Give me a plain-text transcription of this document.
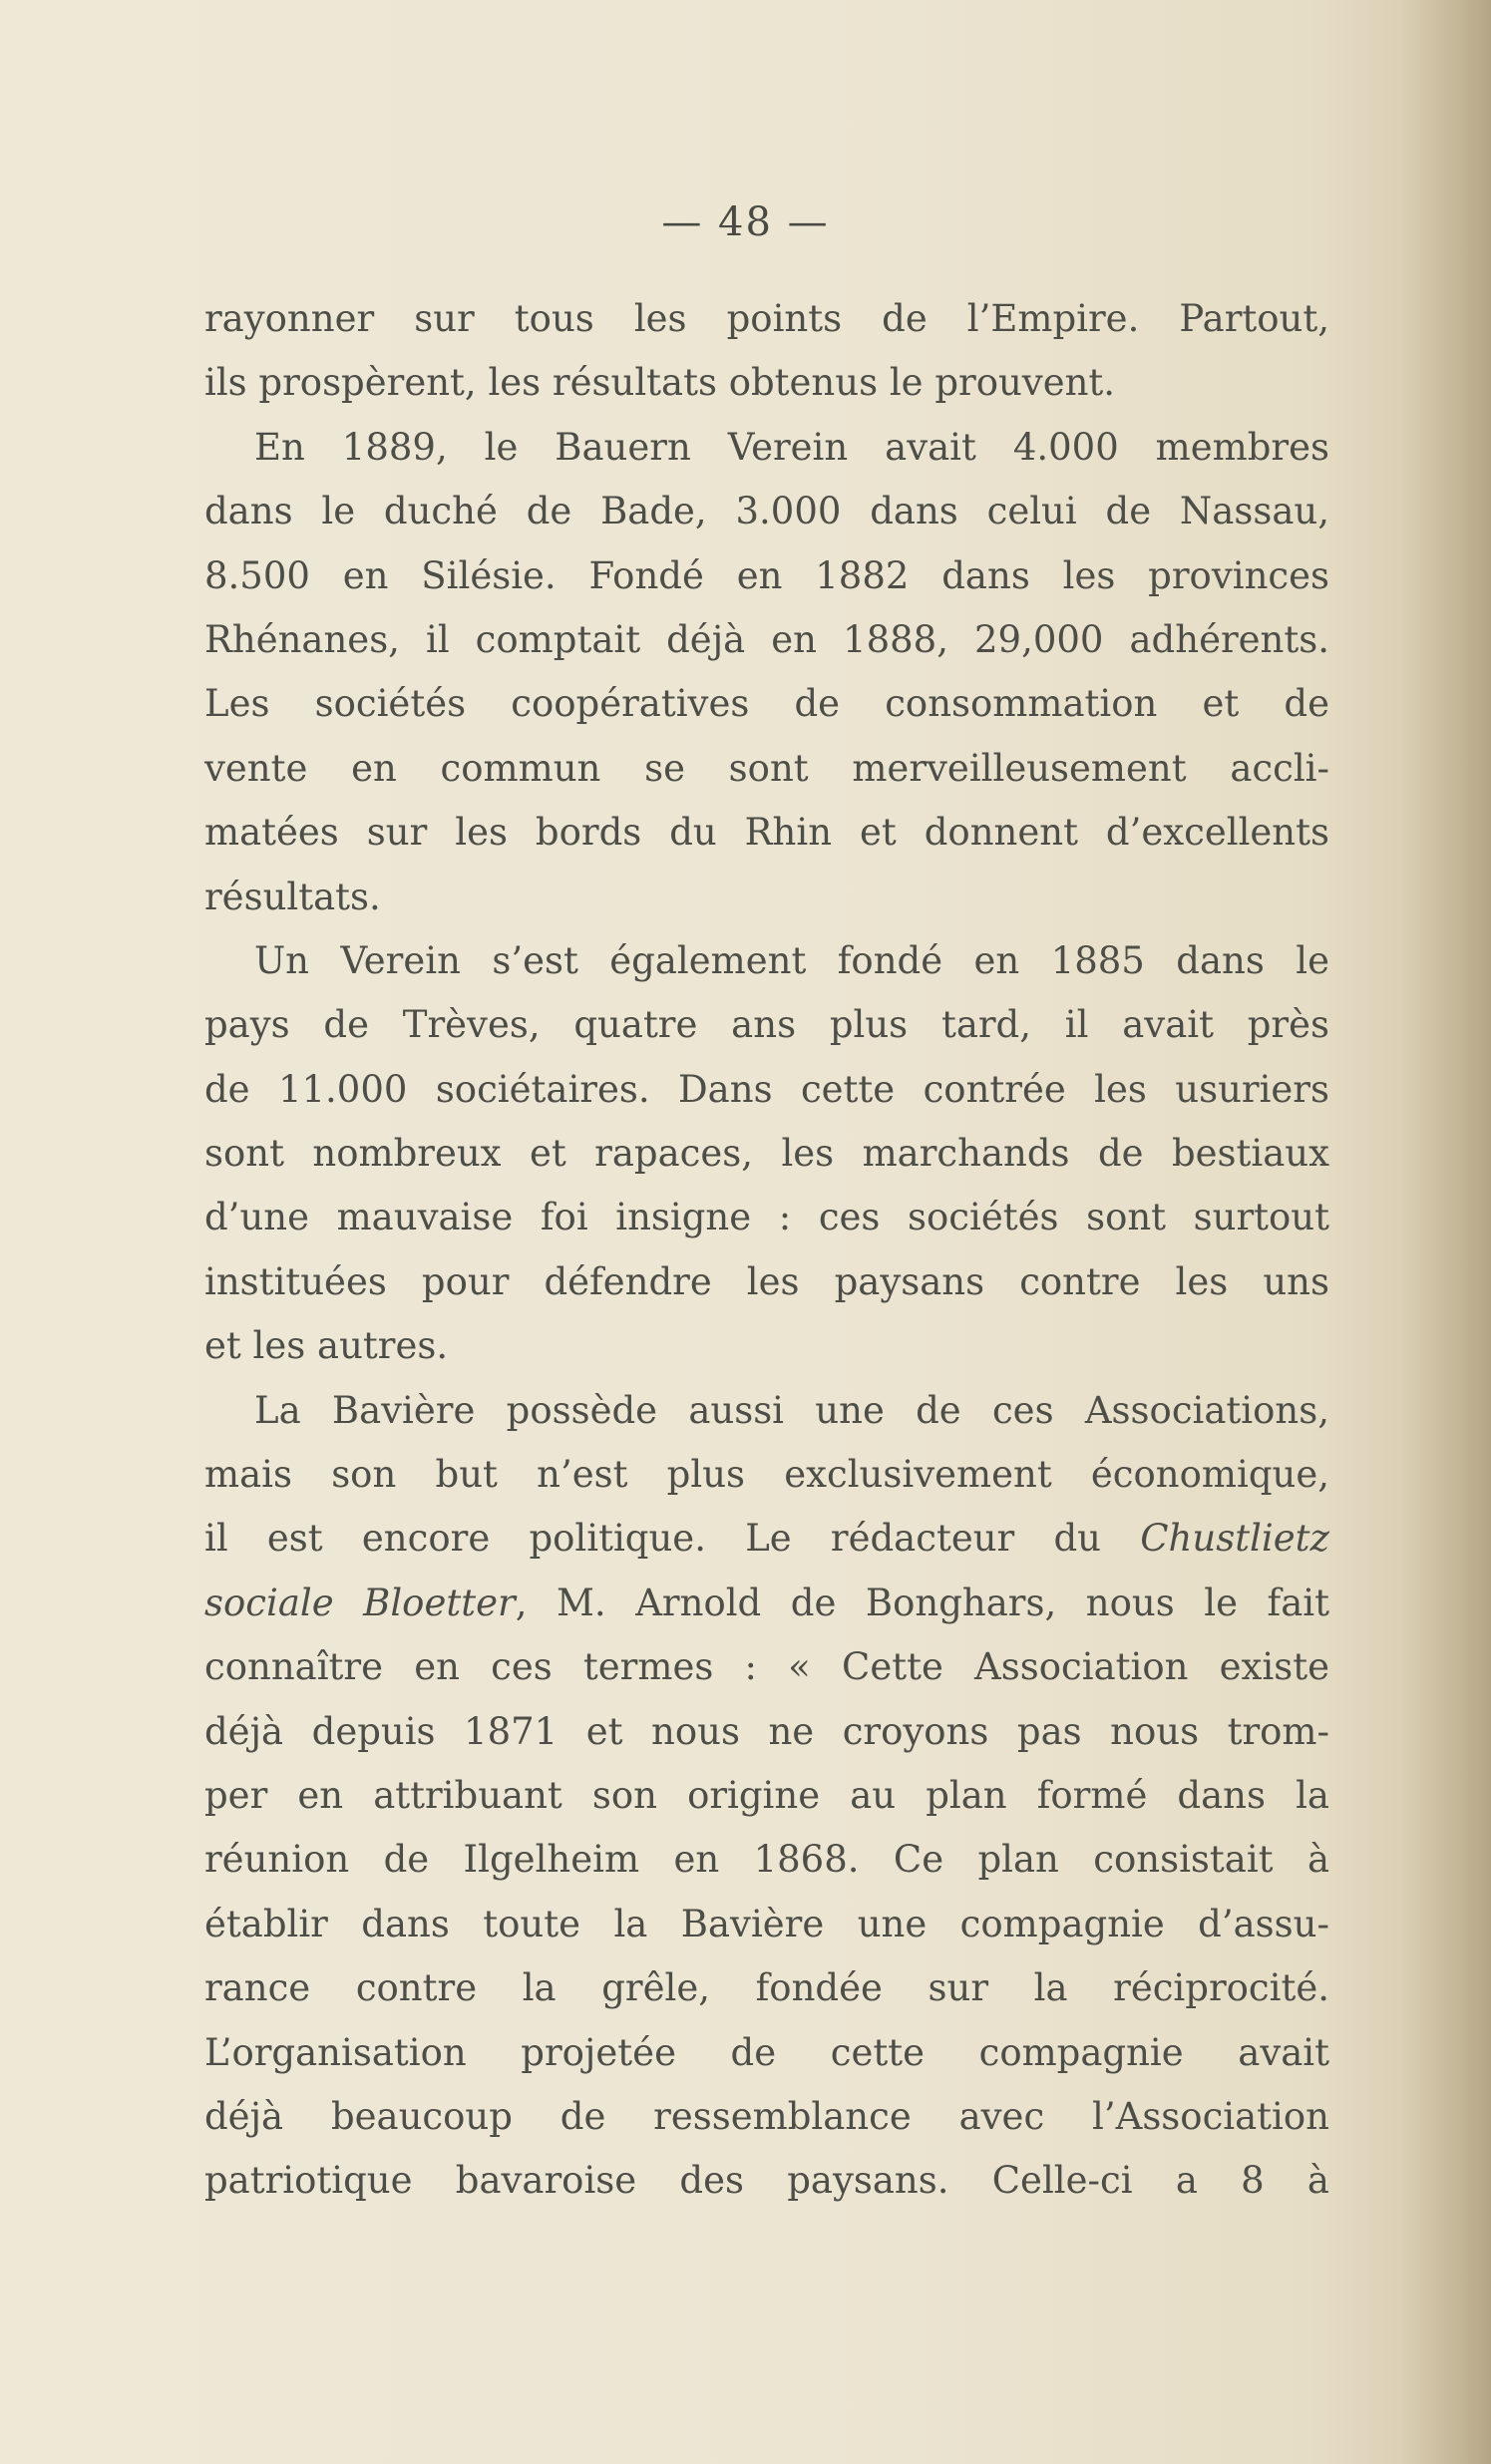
— 48 —
rayonner sur tous les points de l’Empire. Partout,
ils prospèrent, les résultats obtenus le prouvent.
En 1889, le Bauern Verein avait 4.000 membres
dans le duché de Bade, 3.000 dans celui de Nassau,
8.500 en Silésie. Fondé en 1882 dans les provinces
Rhénanes, il comptait déjà en 1888, 29,000 adhérents.
Les sociétés coopératives de consommation et de
vente en commun se sont merveilleusement accli-
matées sur les bords du Rhin et donnent d’excellents
résultats.
Un Verein s’est également fondé en 1885 dans le
pays de Trèves, quatre ans plus tard, il avait près
de 11.000 sociétaires. Dans cette contrée les usuriers
sont nombreux et rapaces, les marchands de bestiaux
d’une mauvaise foi insigne : ces sociétés sont surtout
instituées pour défendre les paysans contre les uns
et les autres.
La Bavière possède aussi une de ces Associations,
mais son but n’est plus exclusivement économique,
il est encore politique. Le rédacteur du Chustlietz
sociale Bloetter, M. Arnold de Bonghars, nous le fait
connaître en ces termes : « Cette Association existe
déjà depuis 1871 et nous ne croyons pas nous trom-
per en attribuant son origine au plan formé dans la
réunion de Ilgelheim en 1868. Ce plan consistait à
établir dans toute la Bavière une compagnie d’assu-
rance contre la grêle, fondée sur la réciprocité.
L’organisation projetée de cette compagnie avait
déjà beaucoup de ressemblance avec l’Association
patriotique bavaroise des paysans. Celle-ci a 8 à
